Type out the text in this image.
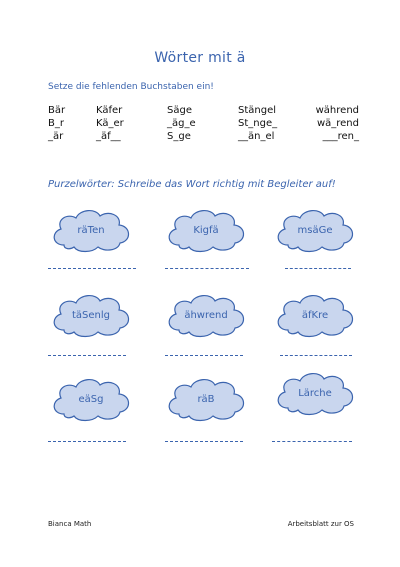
Wörter mit ä
Setze die fehlenden Buchstaben ein!
Bär	Käfer	Säge	Stängel	während
B_r	Kä_er	_äg_e	St_nge_	wä_rend
_är	_äf__	S_ge	__än_el	___ren_
Purzelwörter: Schreibe das Wort richtig mit Begleiter auf!
räTen	Kigfä	msäGe
täSenlg	ähwrend	äfKre
eäSg	räB
Lärche
Bianca Math	Arbeitsblatt zur OS
